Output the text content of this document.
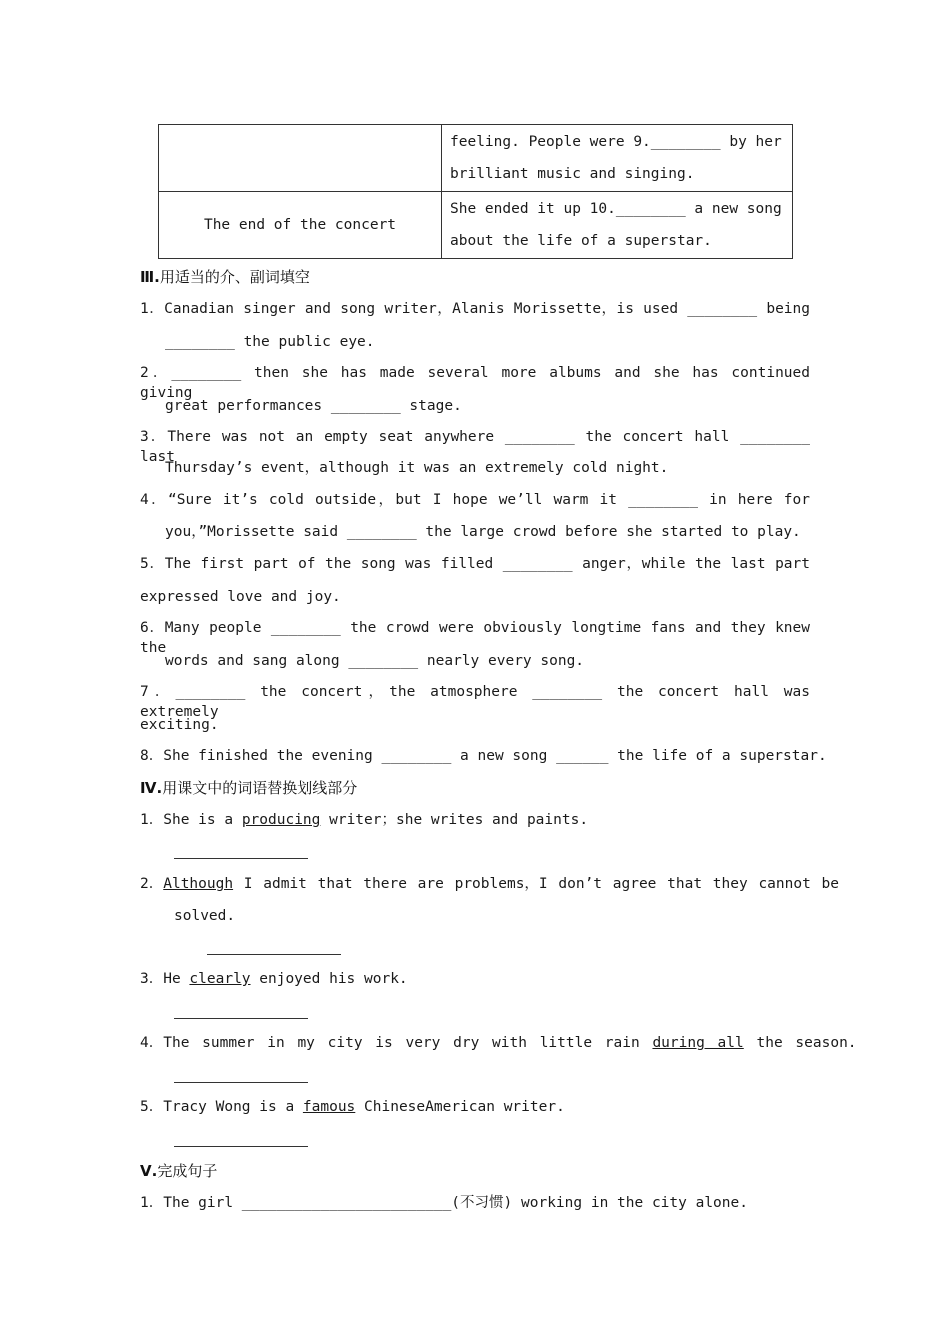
	feeling. People were 9.________ by her
brilliant music and singing.

The end of the concert	She ended it up 10.________ a new song
about the life of a superstar.
Ⅲ.用适当的介、副词填空
1．Canadian singer and song writer，Alanis Morissette，is used ________ being
________ the public eye.
2．________ then she has made several more albums and she has continued giving
great performances ________ stage.
3．There was not an empty seat anywhere ________ the concert hall ________ last
Thursday’s event，although it was an extremely cold night.
4．“Sure it’s cold outside，but I hope we’ll warm it ________ in here for
you，”Morissette said ________ the large crowd before she started to play.
5．The first part of the song was filled ________ anger，while the last part
expressed love and joy.
6．Many people ________ the crowd were obviously longtime fans and they knew the
words and sang along ________ nearly every song.
7．________ the concert，the atmosphere ________ the concert hall was extremely
exciting.
8．She finished the evening ________ a new song ______ the life of a superstar.
Ⅳ.用课文中的词语替换划线部分
1．She is a producing writer；she writes and paints.
2．Although I admit that there are problems，I don’t agree that they cannot be
solved.
3．He clearly enjoyed his work.
4．The summer in my city is very dry with little rain during all the season.
5．Tracy Wong is a famous ChineseAmerican writer.
Ⅴ.完成句子
1．The girl ________________________(不习惯) working in the city alone.
